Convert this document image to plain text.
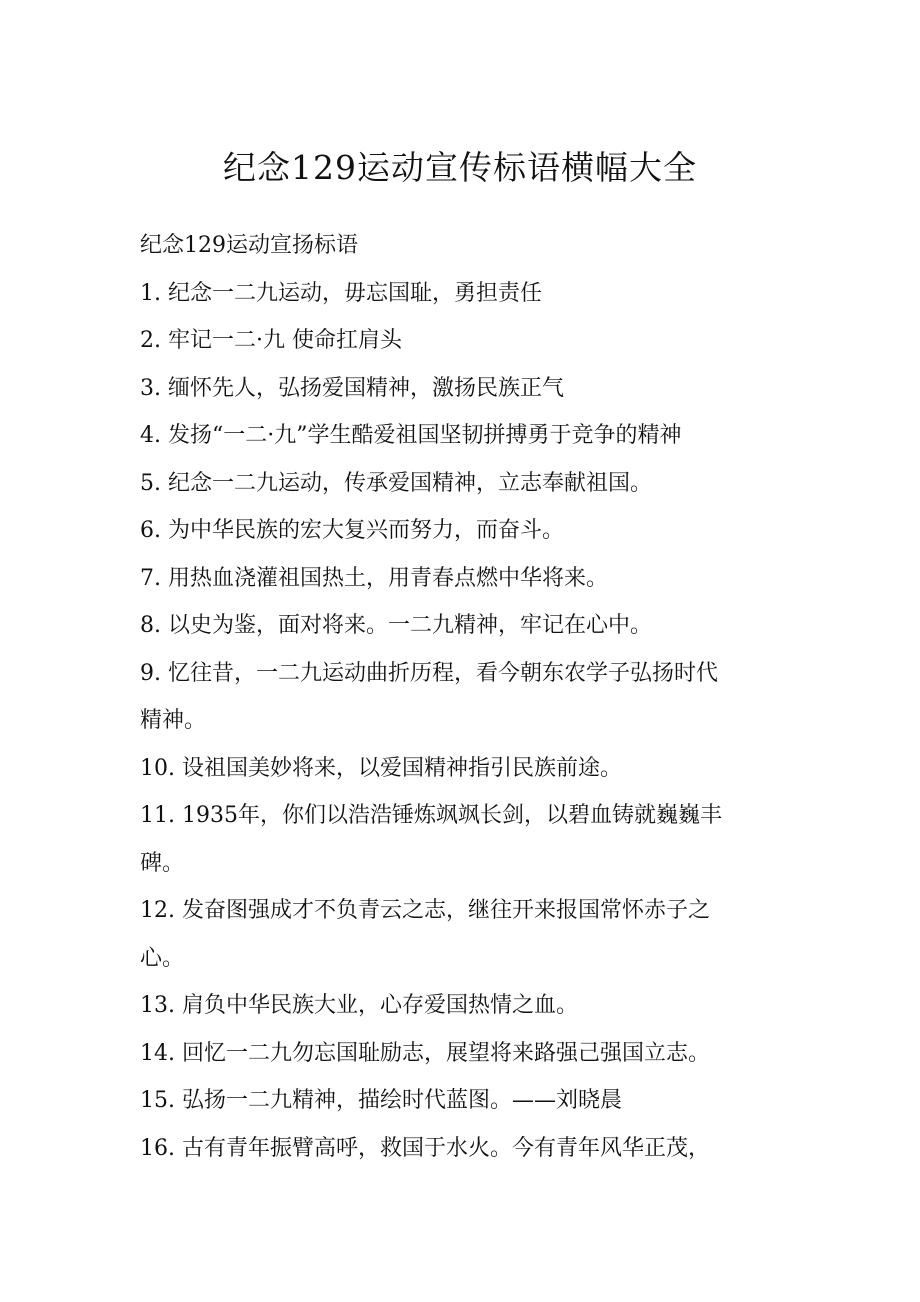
纪念129运动宣传标语横幅大全

纪念129运动宣扬标语

1. 纪念一二九运动，毋忘国耻，勇担责任

2. 牢记一二·九 使命扛肩头

3. 缅怀先人，弘扬爱国精神，激扬民族正气

4. 发扬“一二·九”学生酷爱祖国坚韧拼搏勇于竞争的精神

5. 纪念一二九运动，传承爱国精神，立志奉献祖国。

6. 为中华民族的宏大复兴而努力，而奋斗。

7. 用热血浇灌祖国热土，用青春点燃中华将来。

8. 以史为鉴，面对将来。一二九精神，牢记在心中。

9. 忆往昔，一二九运动曲折历程，看今朝东农学子弘扬时代

精神。

10. 设祖国美妙将来，以爱国精神指引民族前途。

11. 1935年，你们以浩浩锤炼飒飒长剑，以碧血铸就巍巍丰

碑。

12. 发奋图强成才不负青云之志，继往开来报国常怀赤子之

心。

13. 肩负中华民族大业，心存爱国热情之血。

14. 回忆一二九勿忘国耻励志，展望将来路强己强国立志。

15. 弘扬一二九精神，描绘时代蓝图。——刘晓晨

16. 古有青年振臂高呼，救国于水火。今有青年风华正茂，
